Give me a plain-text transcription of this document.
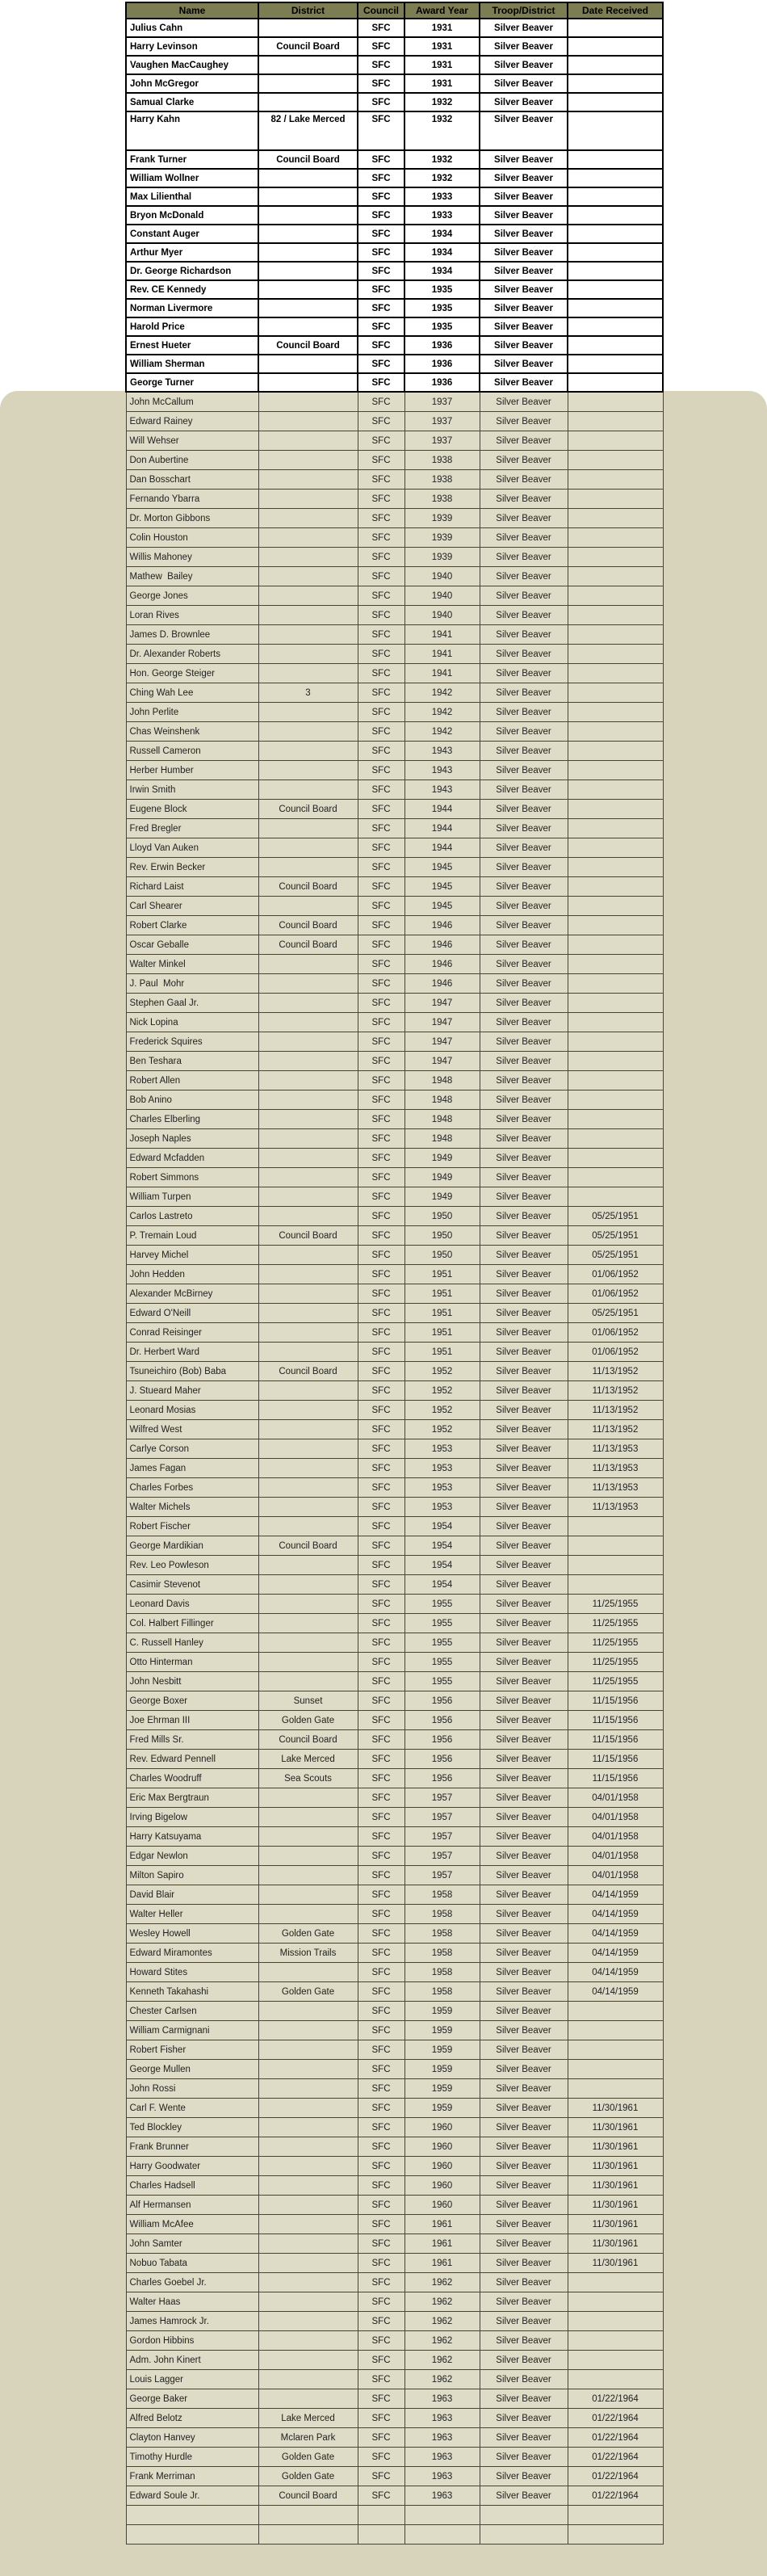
Name	District	Council	Award Year	Troop/District	Date Received
Julius Cahn		SFC	1931	Silver Beaver	
Harry Levinson	Council Board	SFC	1931	Silver Beaver	
Vaughen MacCaughey		SFC	1931	Silver Beaver	
John McGregor		SFC	1931	Silver Beaver	
Samual Clarke		SFC	1932	Silver Beaver	
Harry Kahn	82 / Lake Merced	SFC	1932	Silver Beaver	
Frank Turner	Council Board	SFC	1932	Silver Beaver	
William Wollner		SFC	1932	Silver Beaver	
Max Lilienthal		SFC	1933	Silver Beaver	
Bryon McDonald		SFC	1933	Silver Beaver	
Constant Auger		SFC	1934	Silver Beaver	
Arthur Myer		SFC	1934	Silver Beaver	
Dr. George Richardson		SFC	1934	Silver Beaver	
Rev. CE Kennedy		SFC	1935	Silver Beaver	
Norman Livermore		SFC	1935	Silver Beaver	
Harold Price		SFC	1935	Silver Beaver	
Ernest Hueter	Council Board	SFC	1936	Silver Beaver	
William Sherman		SFC	1936	Silver Beaver	
George Turner		SFC	1936	Silver Beaver	
John McCallum		SFC	1937	Silver Beaver	
Edward Rainey		SFC	1937	Silver Beaver	
Will Wehser		SFC	1937	Silver Beaver	
Don Aubertine		SFC	1938	Silver Beaver	
Dan Bosschart		SFC	1938	Silver Beaver	
Fernando Ybarra		SFC	1938	Silver Beaver	
Dr. Morton Gibbons		SFC	1939	Silver Beaver	
Colin Houston		SFC	1939	Silver Beaver	
Willis Mahoney		SFC	1939	Silver Beaver	
Mathew  Bailey		SFC	1940	Silver Beaver	
George Jones		SFC	1940	Silver Beaver	
Loran Rives		SFC	1940	Silver Beaver	
James D. Brownlee		SFC	1941	Silver Beaver	
Dr. Alexander Roberts		SFC	1941	Silver Beaver	
Hon. George Steiger		SFC	1941	Silver Beaver	
Ching Wah Lee	3	SFC	1942	Silver Beaver	
John Perlite		SFC	1942	Silver Beaver	
Chas Weinshenk		SFC	1942	Silver Beaver	
Russell Cameron		SFC	1943	Silver Beaver	
Herber Humber		SFC	1943	Silver Beaver	
Irwin Smith		SFC	1943	Silver Beaver	
Eugene Block	Council Board	SFC	1944	Silver Beaver	
Fred Bregler		SFC	1944	Silver Beaver	
Lloyd Van Auken		SFC	1944	Silver Beaver	
Rev. Erwin Becker		SFC	1945	Silver Beaver	
Richard Laist	Council Board	SFC	1945	Silver Beaver	
Carl Shearer		SFC	1945	Silver Beaver	
Robert Clarke	Council Board	SFC	1946	Silver Beaver	
Oscar Geballe	Council Board	SFC	1946	Silver Beaver	
Walter Minkel		SFC	1946	Silver Beaver	
J. Paul  Mohr		SFC	1946	Silver Beaver	
Stephen Gaal Jr.		SFC	1947	Silver Beaver	
Nick Lopina		SFC	1947	Silver Beaver	
Frederick Squires		SFC	1947	Silver Beaver	
Ben Teshara		SFC	1947	Silver Beaver	
Robert Allen		SFC	1948	Silver Beaver	
Bob Anino		SFC	1948	Silver Beaver	
Charles Elberling		SFC	1948	Silver Beaver	
Joseph Naples		SFC	1948	Silver Beaver	
Edward Mcfadden		SFC	1949	Silver Beaver	
Robert Simmons		SFC	1949	Silver Beaver	
William Turpen		SFC	1949	Silver Beaver	
Carlos Lastreto		SFC	1950	Silver Beaver	05/25/1951
P. Tremain Loud	Council Board	SFC	1950	Silver Beaver	05/25/1951
Harvey Michel		SFC	1950	Silver Beaver	05/25/1951
John Hedden		SFC	1951	Silver Beaver	01/06/1952
Alexander McBirney		SFC	1951	Silver Beaver	01/06/1952
Edward O'Neill		SFC	1951	Silver Beaver	05/25/1951
Conrad Reisinger		SFC	1951	Silver Beaver	01/06/1952
Dr. Herbert Ward		SFC	1951	Silver Beaver	01/06/1952
Tsuneichiro (Bob) Baba	Council Board	SFC	1952	Silver Beaver	11/13/1952
J. Stueard Maher		SFC	1952	Silver Beaver	11/13/1952
Leonard Mosias		SFC	1952	Silver Beaver	11/13/1952
Wilfred West		SFC	1952	Silver Beaver	11/13/1952
Carlye Corson		SFC	1953	Silver Beaver	11/13/1953
James Fagan		SFC	1953	Silver Beaver	11/13/1953
Charles Forbes		SFC	1953	Silver Beaver	11/13/1953
Walter Michels		SFC	1953	Silver Beaver	11/13/1953
Robert Fischer		SFC	1954	Silver Beaver	
George Mardikian	Council Board	SFC	1954	Silver Beaver	
Rev. Leo Powleson		SFC	1954	Silver Beaver	
Casimir Stevenot		SFC	1954	Silver Beaver	
Leonard Davis		SFC	1955	Silver Beaver	11/25/1955
Col. Halbert Fillinger		SFC	1955	Silver Beaver	11/25/1955
C. Russell Hanley		SFC	1955	Silver Beaver	11/25/1955
Otto Hinterman		SFC	1955	Silver Beaver	11/25/1955
John Nesbitt		SFC	1955	Silver Beaver	11/25/1955
George Boxer	Sunset	SFC	1956	Silver Beaver	11/15/1956
Joe Ehrman III	Golden Gate	SFC	1956	Silver Beaver	11/15/1956
Fred Mills Sr.	Council Board	SFC	1956	Silver Beaver	11/15/1956
Rev. Edward Pennell	Lake Merced	SFC	1956	Silver Beaver	11/15/1956
Charles Woodruff	Sea Scouts	SFC	1956	Silver Beaver	11/15/1956
Eric Max Bergtraun		SFC	1957	Silver Beaver	04/01/1958
Irving Bigelow		SFC	1957	Silver Beaver	04/01/1958
Harry Katsuyama		SFC	1957	Silver Beaver	04/01/1958
Edgar Newlon		SFC	1957	Silver Beaver	04/01/1958
Milton Sapiro		SFC	1957	Silver Beaver	04/01/1958
David Blair		SFC	1958	Silver Beaver	04/14/1959
Walter Heller		SFC	1958	Silver Beaver	04/14/1959
Wesley Howell	Golden Gate	SFC	1958	Silver Beaver	04/14/1959
Edward Miramontes	Mission Trails	SFC	1958	Silver Beaver	04/14/1959
Howard Stites		SFC	1958	Silver Beaver	04/14/1959
Kenneth Takahashi	Golden Gate	SFC	1958	Silver Beaver	04/14/1959
Chester Carlsen		SFC	1959	Silver Beaver	
William Carmignani		SFC	1959	Silver Beaver	
Robert Fisher		SFC	1959	Silver Beaver	
George Mullen		SFC	1959	Silver Beaver	
John Rossi		SFC	1959	Silver Beaver	
Carl F. Wente		SFC	1959	Silver Beaver	11/30/1961
Ted Blockley		SFC	1960	Silver Beaver	11/30/1961
Frank Brunner		SFC	1960	Silver Beaver	11/30/1961
Harry Goodwater		SFC	1960	Silver Beaver	11/30/1961
Charles Hadsell		SFC	1960	Silver Beaver	11/30/1961
Alf Hermansen		SFC	1960	Silver Beaver	11/30/1961
William McAfee		SFC	1961	Silver Beaver	11/30/1961
John Samter		SFC	1961	Silver Beaver	11/30/1961
Nobuo Tabata		SFC	1961	Silver Beaver	11/30/1961
Charles Goebel Jr.		SFC	1962	Silver Beaver	
Walter Haas		SFC	1962	Silver Beaver	
James Hamrock Jr.		SFC	1962	Silver Beaver	
Gordon Hibbins		SFC	1962	Silver Beaver	
Adm. John Kinert		SFC	1962	Silver Beaver	
Louis Lagger		SFC	1962	Silver Beaver	
George Baker		SFC	1963	Silver Beaver	01/22/1964
Alfred Belotz	Lake Merced	SFC	1963	Silver Beaver	01/22/1964
Clayton Hanvey	Mclaren Park	SFC	1963	Silver Beaver	01/22/1964
Timothy Hurdle	Golden Gate	SFC	1963	Silver Beaver	01/22/1964
Frank Merriman	Golden Gate	SFC	1963	Silver Beaver	01/22/1964
Edward Soule Jr.	Council Board	SFC	1963	Silver Beaver	01/22/1964
